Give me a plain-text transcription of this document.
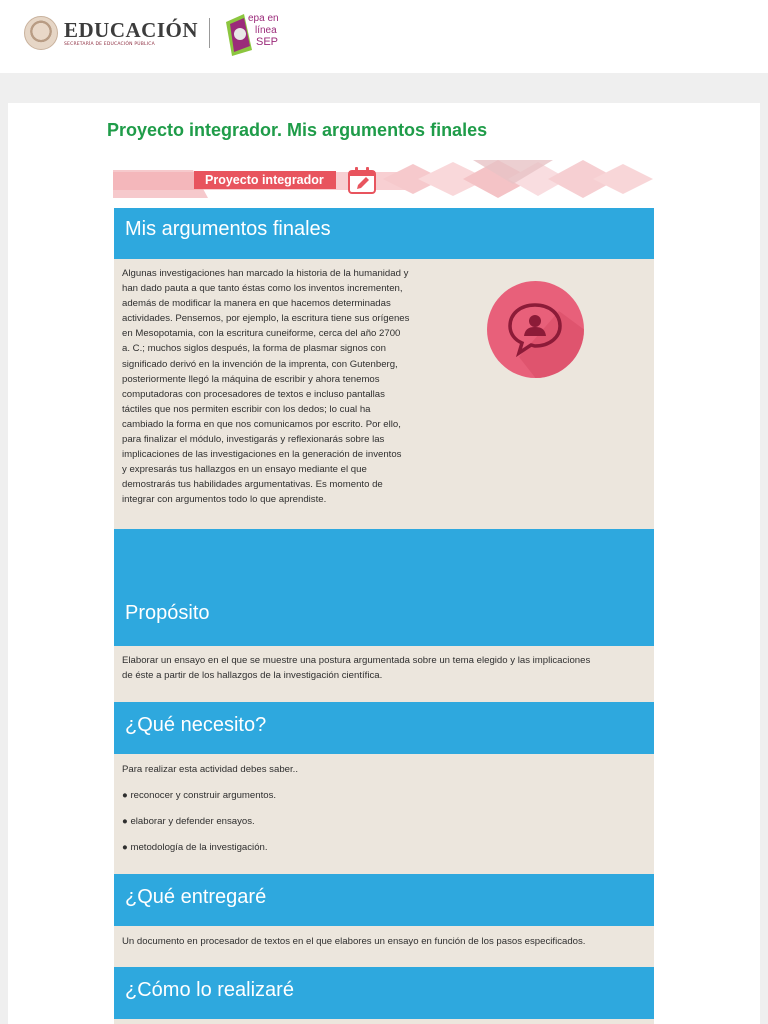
EDUCACIÓN
SECRETARÍA DE EDUCACIÓN PÚBLICA
epa en
línea
SEP
Proyecto integrador. Mis argumentos finales
Proyecto integrador
Mis argumentos finales
Algunas investigaciones han marcado la historia de la humanidad y
han dado pauta a que tanto éstas como los inventos incrementen,
además de modificar la manera en que hacemos determinadas
actividades. Pensemos, por ejemplo, la escritura tiene sus orígenes
en Mesopotamia, con la escritura cuneiforme, cerca del año 2700
a. C.; muchos siglos después, la forma de plasmar signos con
significado derivó en la invención de la imprenta, con Gutenberg,
posteriormente llegó la máquina de escribir y ahora tenemos
computadoras con procesadores de textos e incluso pantallas
táctiles que nos permiten escribir con los dedos; lo cual ha
cambiado la forma en que nos comunicamos por escrito. Por ello,
para finalizar el módulo, investigarás y reflexionarás sobre las
implicaciones de las investigaciones en la generación de inventos
y expresarás tus hallazgos en un ensayo mediante el que
demostrarás tus habilidades argumentativas. Es momento de
integrar con argumentos todo lo que aprendiste.
Propósito
Elaborar un ensayo en el que se muestre una postura argumentada sobre un tema elegido y las implicaciones
de éste a partir de los hallazgos de la investigación científica.
¿Qué necesito?
Para realizar esta actividad debes saber..
● reconocer y construir argumentos.
● elaborar y defender ensayos.
● metodología de la investigación.
¿Qué entregaré
Un documento en procesador de textos en el que elabores un ensayo en función de los pasos especificados.
¿Cómo lo realizaré
